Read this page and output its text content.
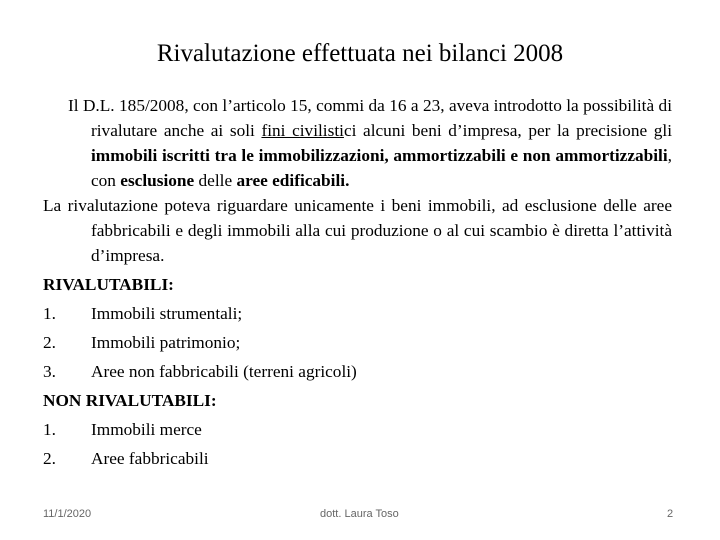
Rivalutazione effettuata nei bilanci 2008

Il D.L. 185/2008, con l’articolo 15, commi da 16 a 23, aveva introdotto la possibilità di rivalutare anche ai soli fini civilistici alcuni beni d’impresa, per la precisione gli immobili iscritti tra le immobilizzazioni, ammortizzabili e non ammortizzabili, con esclusione delle aree edificabili.

La rivalutazione poteva riguardare unicamente i beni immobili, ad esclusione delle aree fabbricabili e degli immobili alla cui produzione o al cui scambio è diretta l’attività d’impresa.

RIVALUTABILI:
1. Immobili strumentali;
2. Immobili patrimonio;
3. Aree non fabbricabili (terreni agricoli)
NON RIVALUTABILI:
1. Immobili merce
2. Aree fabbricabili
11/1/2020	dott. Laura Toso	2
